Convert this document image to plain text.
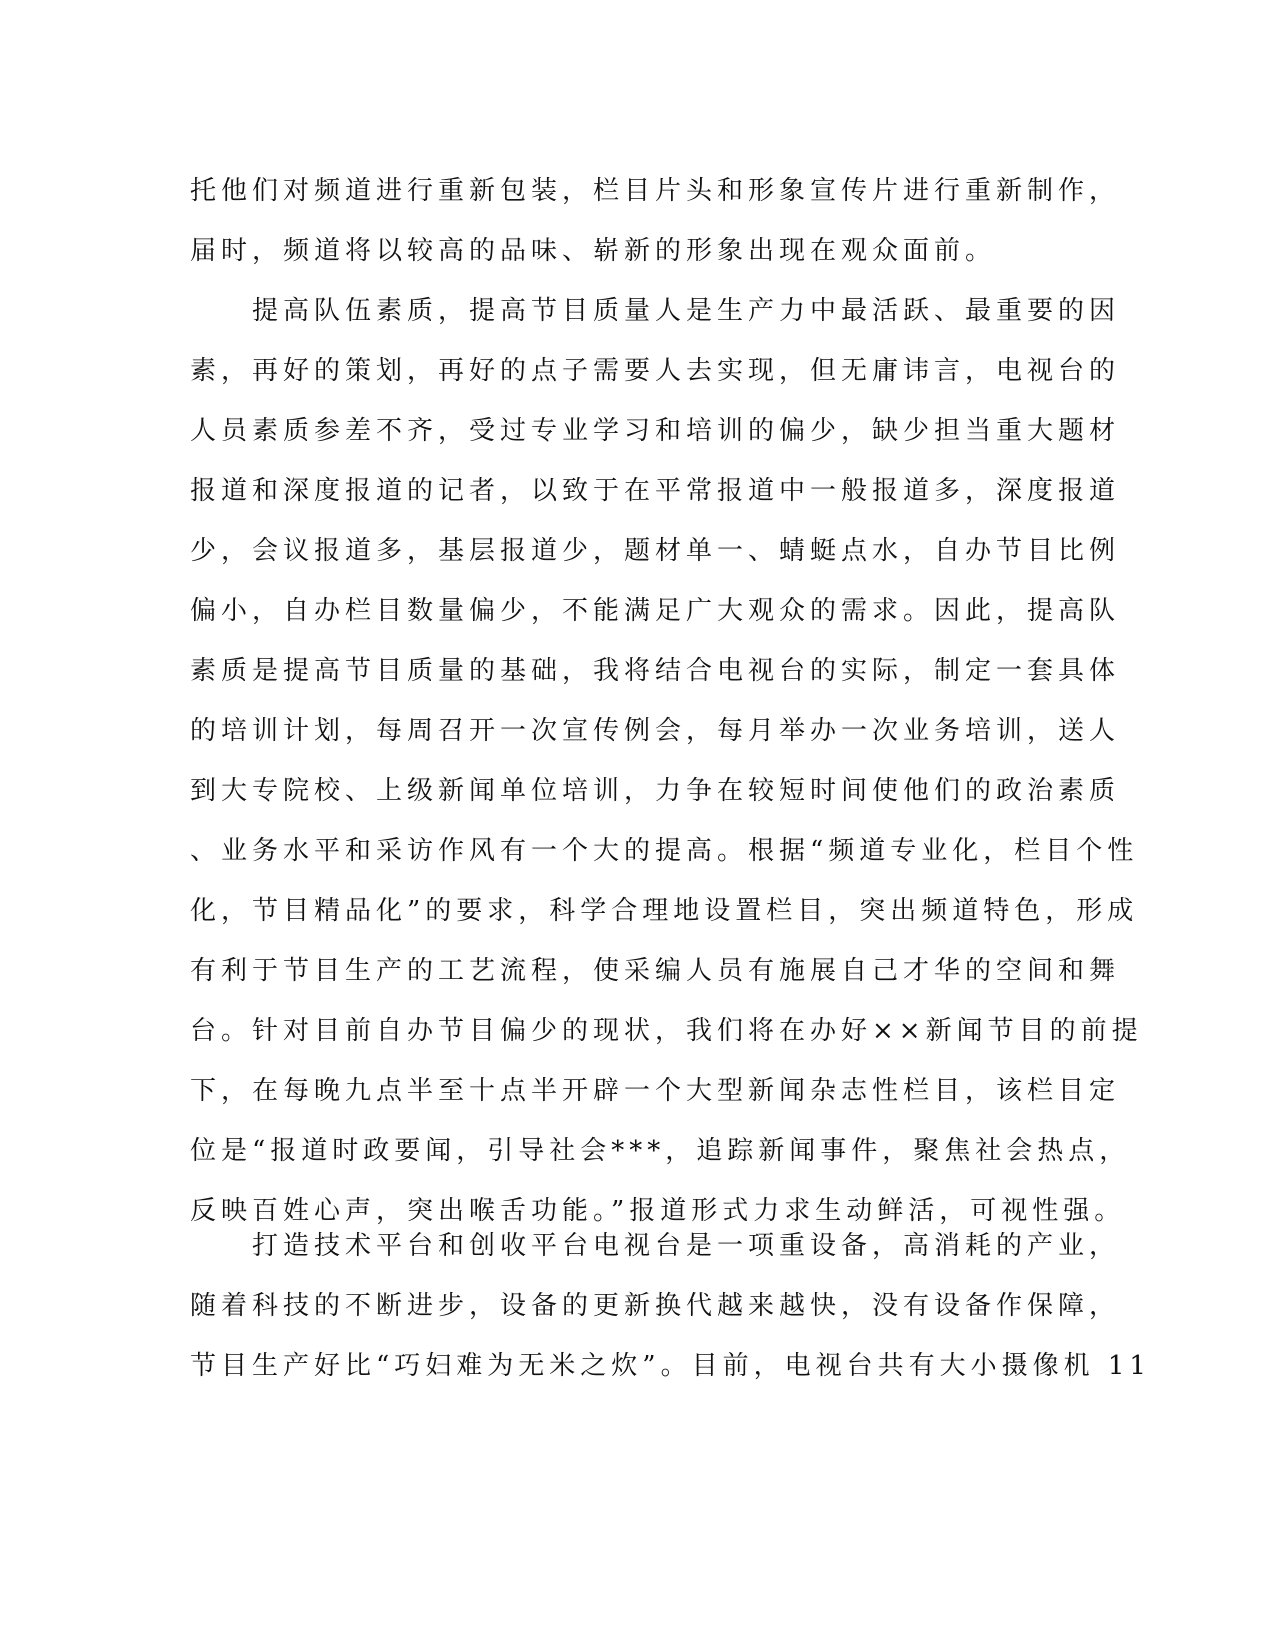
托他们对频道进行重新包装，栏目片头和形象宣传片进行重新制作，
届时，频道将以较高的品味、崭新的形象出现在观众面前。
提高队伍素质，提高节目质量人是生产力中最活跃、最重要的因
素，再好的策划，再好的点子需要人去实现，但无庸讳言，电视台的
人员素质参差不齐，受过专业学习和培训的偏少，缺少担当重大题材
报道和深度报道的记者，以致于在平常报道中一般报道多，深度报道
少，会议报道多，基层报道少，题材单一、蜻蜓点水，自办节目比例
偏小，自办栏目数量偏少，不能满足广大观众的需求。因此，提高队
素质是提高节目质量的基础，我将结合电视台的实际，制定一套具体
的培训计划，每周召开一次宣传例会，每月举办一次业务培训，送人
到大专院校、上级新闻单位培训，力争在较短时间使他们的政治素质
、业务水平和采访作风有一个大的提高。根据“频道专业化，栏目个性
化，节目精品化”的要求，科学合理地设置栏目，突出频道特色，形成
有利于节目生产的工艺流程，使采编人员有施展自己才华的空间和舞
台。针对目前自办节目偏少的现状，我们将在办好××新闻节目的前提
下，在每晚九点半至十点半开辟一个大型新闻杂志性栏目，该栏目定
位是“报道时政要闻，引导社会***，追踪新闻事件，聚焦社会热点，
反映百姓心声，突出喉舌功能。”报道形式力求生动鲜活，可视性强。
打造技术平台和创收平台电视台是一项重设备，高消耗的产业，
随着科技的不断进步，设备的更新换代越来越快，没有设备作保障，
节目生产好比“巧妇难为无米之炊”。目前，电视台共有大小摄像机 11
